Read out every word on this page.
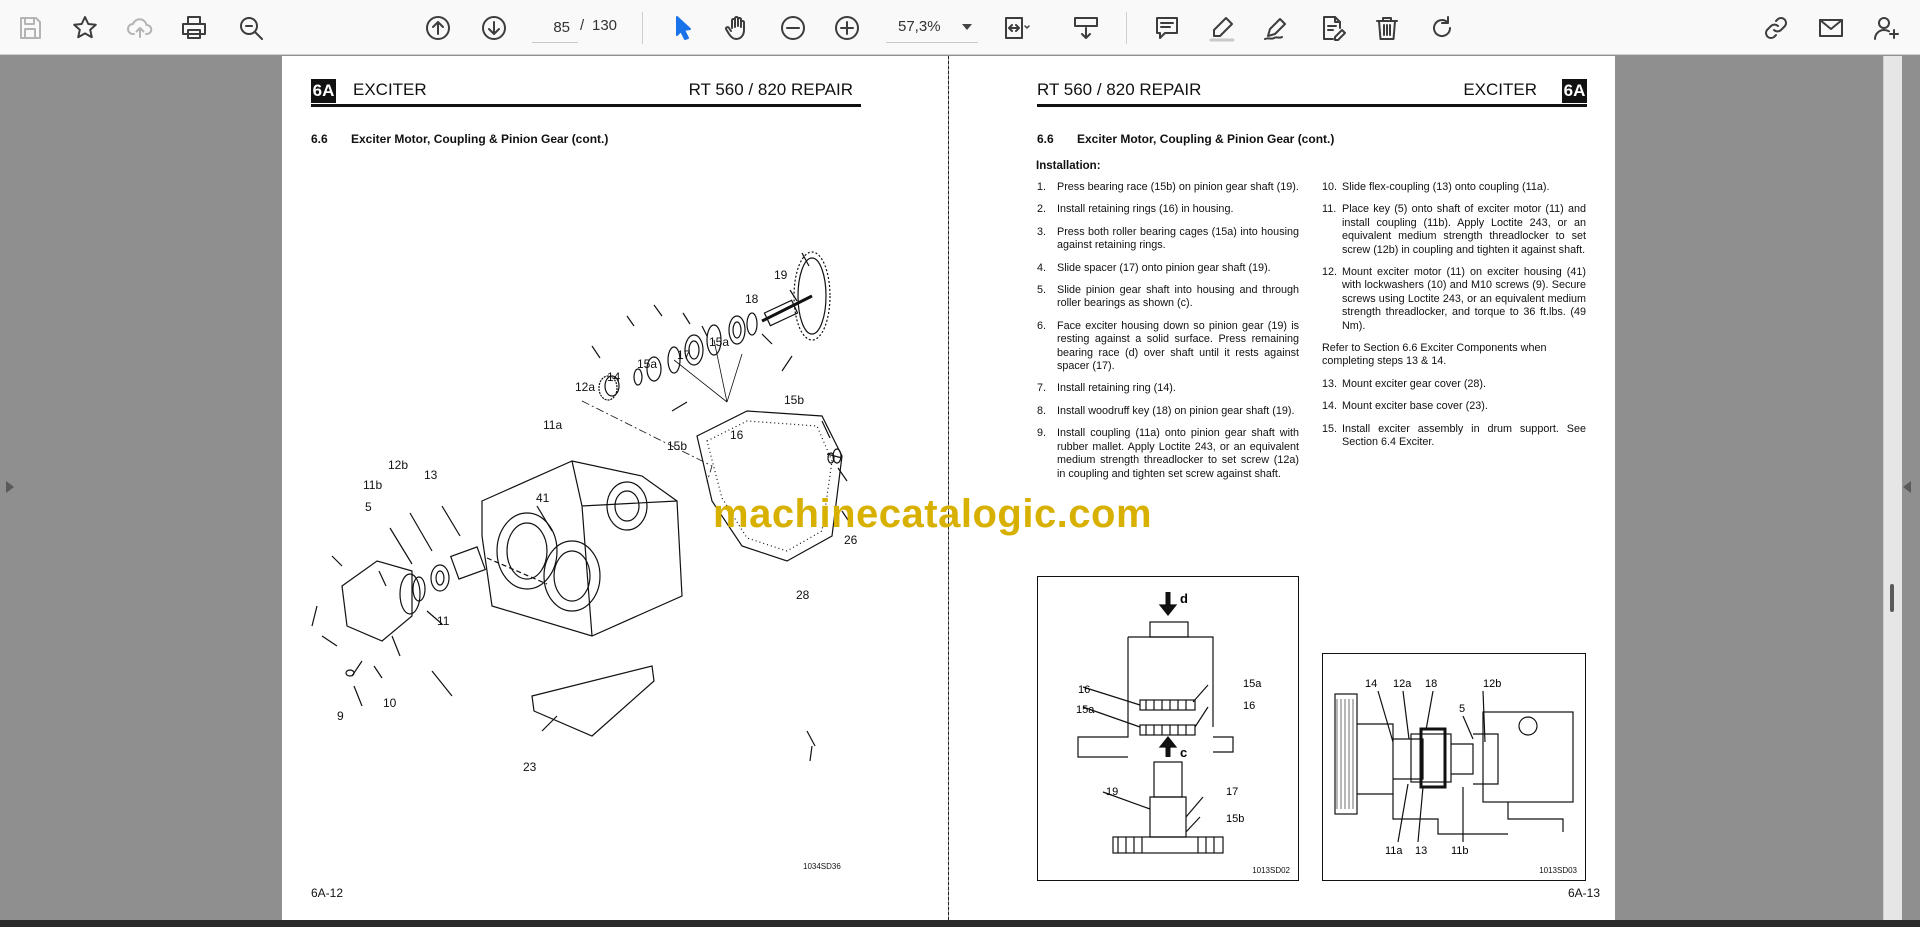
85
/ 130	57,3%
6A EXCITER	RT 560 / 820 REPAIR
6.6 Exciter Motor, Coupling & Pinion Gear (cont.)
19
18
15a
17
15a
14
12a
15b
11a
16
15b
12b
13
11b
5
41
11
26
28
10
9
23
1034SD36
6A-12
RT 560 / 820 REPAIR	EXCITER 6A
6.6 Exciter Motor, Coupling & Pinion Gear (cont.)
Installation:
1. Press bearing race (15b) on pinion gear shaft (19).
2. Install retaining rings (16) in housing.
3. Press both roller bearing cages (15a) into housing against retaining rings.
4. Slide spacer (17) onto pinion gear shaft (19).
5. Slide pinion gear shaft into housing and through roller bearings as shown (c).
6. Face exciter housing down so pinion gear (19) is resting against a solid surface. Press remaining bearing race (d) over shaft until it rests against spacer (17).
7. Install retaining ring (14).
8. Install woodruff key (18) on pinion gear shaft (19).
9. Install coupling (11a) onto pinion gear shaft with rubber mallet. Apply Loctite 243, or an equivalent medium strength threadlocker to set screw (12a) in coupling and tighten set screw against shaft.
10. Slide flex-coupling (13) onto coupling (11a).
11. Place key (5) onto shaft of exciter motor (11) and install coupling (11b). Apply Loctite 243, or an equivalent medium strength threadlocker to set screw (12b) in coupling and tighten it against shaft.
12. Mount exciter motor (11) on exciter housing (41) with lockwashers (10) and M10 screws (9). Secure screws using Loctite 243, or an equivalent medium strength threadlocker, and torque to 36 ft.lbs. (49 Nm).
Refer to Section 6.6 Exciter Components when completing steps 13 & 14.
13. Mount exciter gear cover (28).
14. Mount exciter base cover (23).
15. Install exciter assembly in drum support. See Section 6.4 Exciter.
d
16
15a
15a
16
c
19	17
15b
1013SD02
14 12a 18	12b
5
11a 13 11b
1013SD03
6A-13
machinecatalogic.com
